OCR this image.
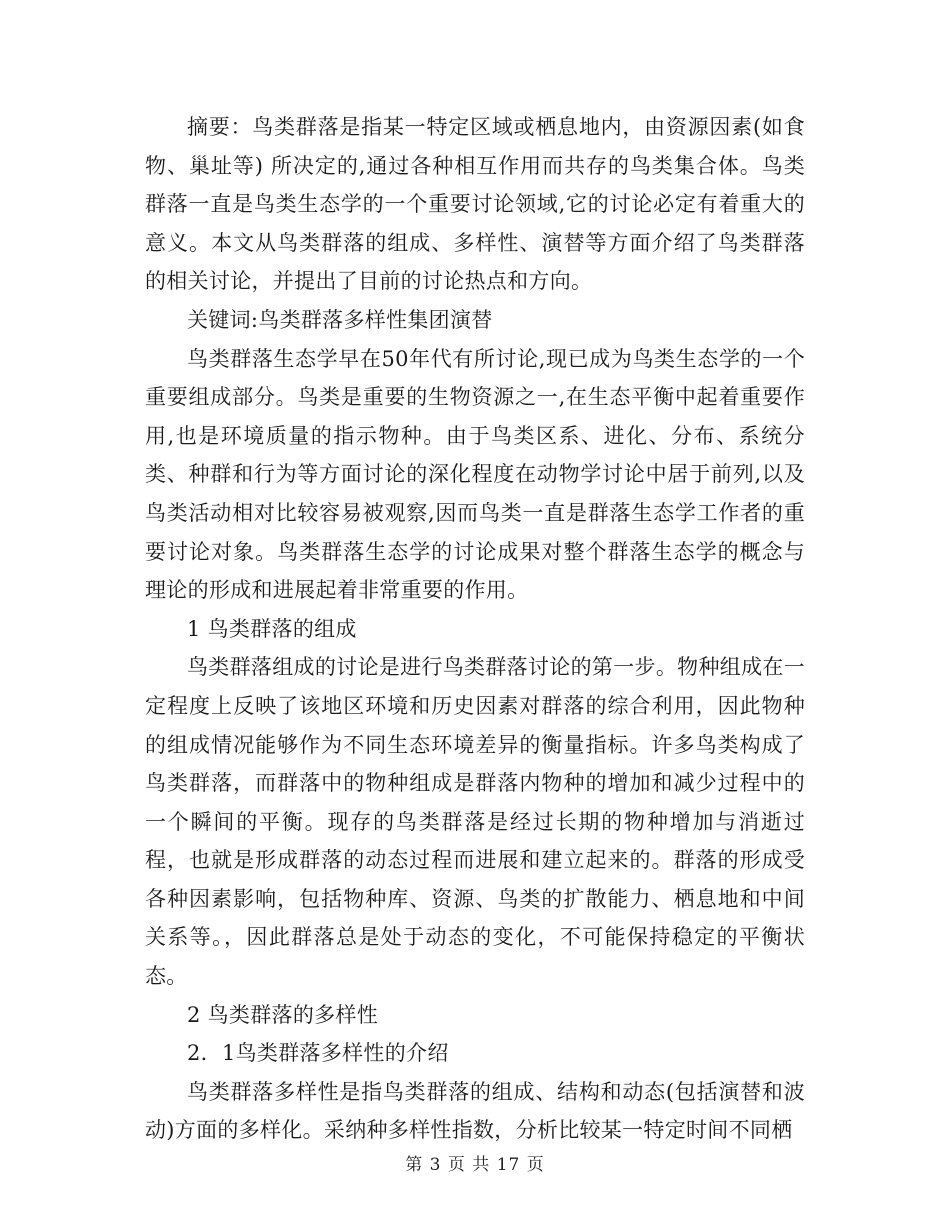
摘要：鸟类群落是指某一特定区域或栖息地内，由资源因素(如食物、巢址等) 所决定的,通过各种相互作用而共存的鸟类集合体。鸟类群落一直是鸟类生态学的一个重要讨论领域,它的讨论必定有着重大的意义。本文从鸟类群落的组成、多样性、演替等方面介绍了鸟类群落的相关讨论，并提出了目前的讨论热点和方向。

关键词:鸟类群落多样性集团演替

鸟类群落生态学早在50年代有所讨论,现已成为鸟类生态学的一个重要组成部分。鸟类是重要的生物资源之一,在生态平衡中起着重要作用,也是环境质量的指示物种。由于鸟类区系、进化、分布、系统分类、种群和行为等方面讨论的深化程度在动物学讨论中居于前列,以及鸟类活动相对比较容易被观察,因而鸟类一直是群落生态学工作者的重要讨论对象。鸟类群落生态学的讨论成果对整个群落生态学的概念与理论的形成和进展起着非常重要的作用。

1 鸟类群落的组成

鸟类群落组成的讨论是进行鸟类群落讨论的第一步。物种组成在一定程度上反映了该地区环境和历史因素对群落的综合利用，因此物种的组成情况能够作为不同生态环境差异的衡量指标。许多鸟类构成了鸟类群落，而群落中的物种组成是群落内物种的增加和减少过程中的一个瞬间的平衡。现存的鸟类群落是经过长期的物种增加与消逝过程，也就是形成群落的动态过程而进展和建立起来的。群落的形成受各种因素影响，包括物种库、资源、鸟类的扩散能力、栖息地和中间关系等。，因此群落总是处于动态的变化，不可能保持稳定的平衡状态。

2 鸟类群落的多样性

2．1鸟类群落多样性的介绍

鸟类群落多样性是指鸟类群落的组成、结构和动态(包括演替和波动)方面的多样化。采纳种多样性指数，分析比较某一特定时间不同栖

第 3 页 共 17 页
